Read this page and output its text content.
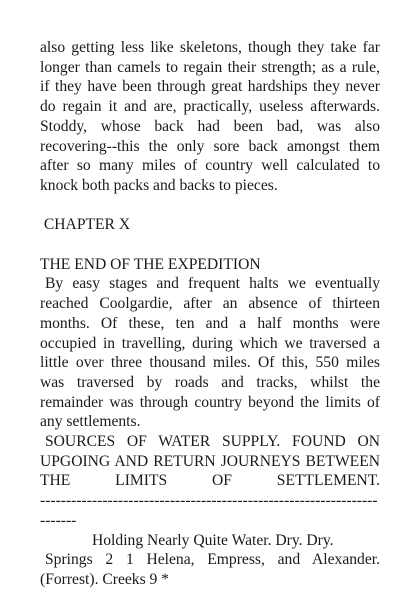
also getting less like skeletons, though they take far longer than camels to regain their strength; as a rule, if they have been through great hardships they never do regain it and are, practically, useless afterwards. Stoddy, whose back had been bad, was also recovering--this the only sore back amongst them after so many miles of country well calculated to knock both packs and backs to pieces.

CHAPTER X

THE END OF THE EXPEDITION

By easy stages and frequent halts we eventually reached Coolgardie, after an absence of thirteen months. Of these, ten and a half months were occupied in travelling, during which we traversed a little over three thousand miles. Of this, 550 miles was traversed by roads and tracks, whilst the remainder was through country beyond the limits of any settlements.

SOURCES OF WATER SUPPLY. FOUND ON UPGOING AND RETURN JOURNEYS BETWEEN THE LIMITS OF SETTLEMENT.

------------------------------------------------------------------------

Holding Nearly Quite Water. Dry. Dry.

Springs 2 1 Helena, Empress, and Alexander. (Forrest). Creeks 9 *
